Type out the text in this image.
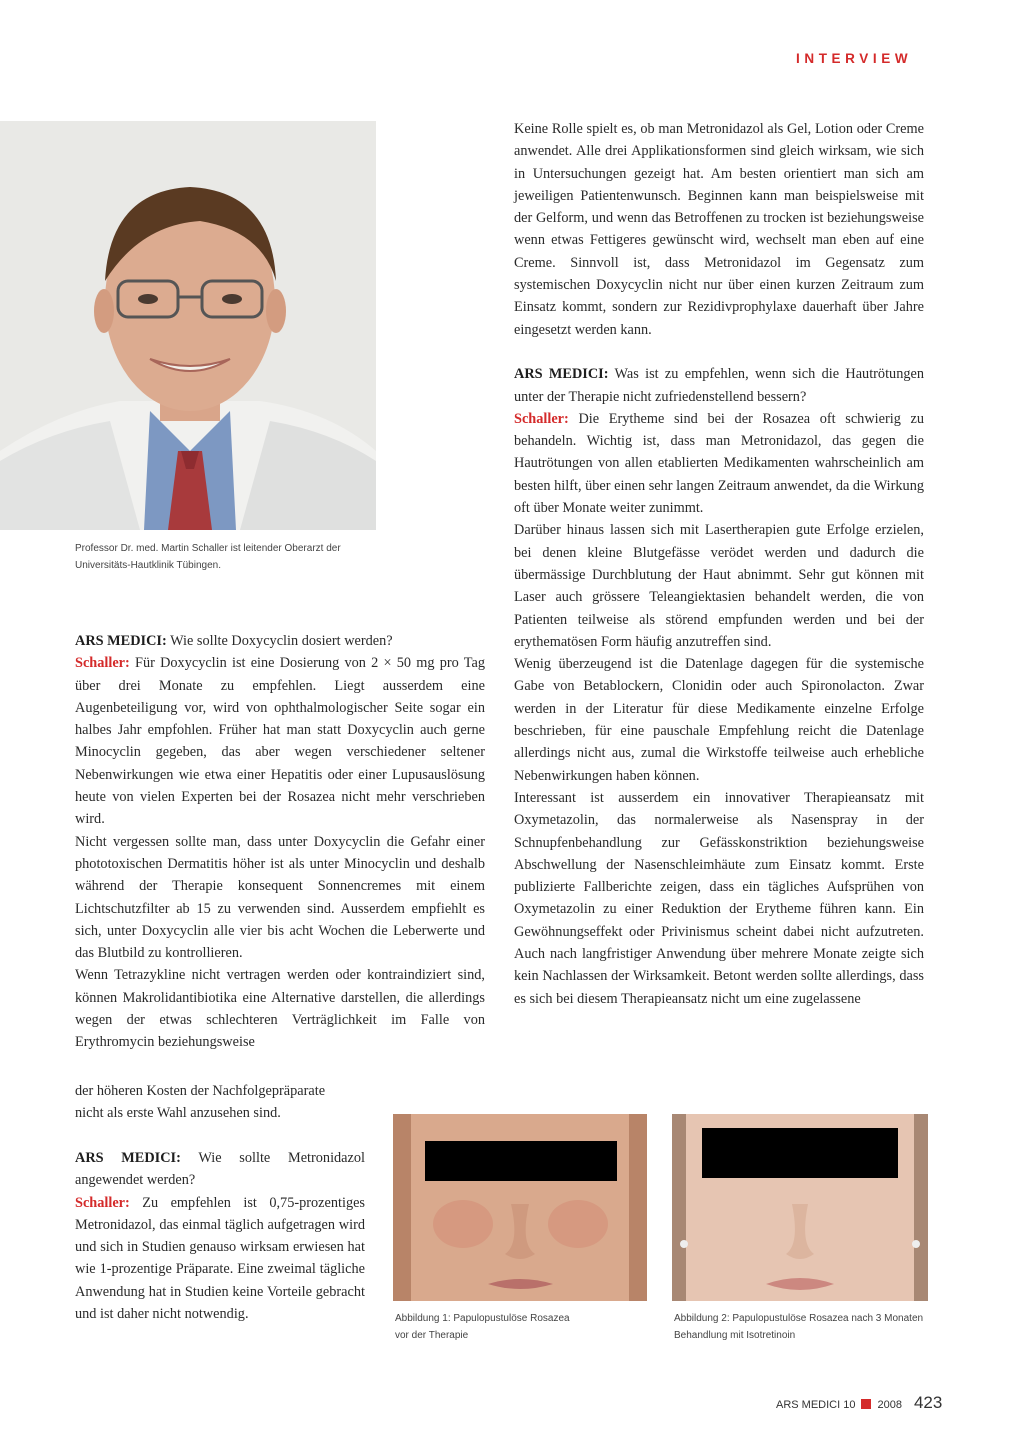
INTERVIEW
Professor Dr. med. Martin Schaller ist leitender Oberarzt der
Universitäts-Hautklinik Tübingen.

ARS MEDICI: Wie sollte Doxycyclin dosiert werden?

Schaller: Für Doxycyclin ist eine Dosierung von 2 × 50 mg pro Tag über drei Monate zu empfehlen. Liegt ausserdem eine Augenbeteiligung vor, wird von ophthalmologischer Seite sogar ein halbes Jahr empfohlen. Früher hat man statt Doxycyclin auch gerne Minocyclin gegeben, das aber wegen verschiedener seltener Nebenwirkungen wie etwa einer Hepatitis oder einer Lupusauslösung heute von vielen Experten bei der Rosazea nicht mehr verschrieben wird.

Nicht vergessen sollte man, dass unter Doxycyclin die Gefahr einer phototoxischen Dermatitis höher ist als unter Minocyclin und deshalb während der Therapie konsequent Sonnencremes mit einem Lichtschutzfilter ab 15 zu verwenden sind. Ausserdem empfiehlt es sich, unter Doxycyclin alle vier bis acht Wochen die Leberwerte und das Blutbild zu kontrollieren.

Wenn Tetrazykline nicht vertragen werden oder kontraindiziert sind, können Makrolidantibiotika eine Alternative darstellen, die allerdings wegen der etwas schlechteren Verträglichkeit im Falle von Erythromycin beziehungsweise

der höheren Kosten der Nachfolgepräparate

nicht als erste Wahl anzusehen sind.

ARS MEDICI: Wie sollte Metronidazol angewendet werden?

Schaller: Zu empfehlen ist 0,75-prozentiges Metronidazol, das einmal täglich aufgetragen wird und sich in Studien genauso wirksam erwiesen hat wie 1-prozentige Präparate. Eine zweimal tägliche Anwendung hat in Studien keine Vorteile gebracht und ist daher nicht notwendig.

Keine Rolle spielt es, ob man Metronidazol als Gel, Lotion oder Creme anwendet. Alle drei Applikationsformen sind gleich wirksam, wie sich in Untersuchungen gezeigt hat. Am besten orientiert man sich am jeweiligen Patientenwunsch. Beginnen kann man beispielsweise mit der Gelform, und wenn das Betroffenen zu trocken ist beziehungsweise wenn etwas Fettigeres gewünscht wird, wechselt man eben auf eine Creme. Sinnvoll ist, dass Metronidazol im Gegensatz zum systemischen Doxycyclin nicht nur über einen kurzen Zeitraum zum Einsatz kommt, sondern zur Rezidivprophylaxe dauerhaft über Jahre eingesetzt werden kann.

ARS MEDICI: Was ist zu empfehlen, wenn sich die Hautrötungen unter der Therapie nicht zufriedenstellend bessern?

Schaller: Die Erytheme sind bei der Rosazea oft schwierig zu behandeln. Wichtig ist, dass man Metronidazol, das gegen die Hautrötungen von allen etablierten Medikamenten wahrscheinlich am besten hilft, über einen sehr langen Zeitraum anwendet, da die Wirkung oft über Monate weiter zunimmt.

Darüber hinaus lassen sich mit Lasertherapien gute Erfolge erzielen, bei denen kleine Blutgefässe verödet werden und dadurch die übermässige Durchblutung der Haut abnimmt. Sehr gut können mit Laser auch grössere Teleangiektasien behandelt werden, die von Patienten teilweise als störend empfunden werden und bei der erythematösen Form häufig anzutreffen sind.

Wenig überzeugend ist die Datenlage dagegen für die systemische Gabe von Betablockern, Clonidin oder auch Spironolacton. Zwar werden in der Literatur für diese Medikamente einzelne Erfolge beschrieben, für eine pauschale Empfehlung reicht die Datenlage allerdings nicht aus, zumal die Wirkstoffe teilweise auch erhebliche Nebenwirkungen haben können.

Interessant ist ausserdem ein innovativer Therapieansatz mit Oxymetazolin, das normalerweise als Nasenspray in der Schnupfenbehandlung zur Gefässkonstriktion beziehungsweise Abschwellung der Nasenschleimhäute zum Einsatz kommt. Erste publizierte Fallberichte zeigen, dass ein tägliches Aufsprühen von Oxymetazolin zu einer Reduktion der Erytheme führen kann. Ein Gewöhnungseffekt oder Privinismus scheint dabei nicht aufzutreten. Auch nach langfristiger Anwendung über mehrere Monate zeigte sich kein Nachlassen der Wirksamkeit. Betont werden sollte allerdings, dass es sich bei diesem Therapieansatz nicht um eine zugelassene

Abbildung 1: Papulopustulöse Rosazea
vor der Therapie
Abbildung 2: Papulopustulöse Rosazea nach 3 Monaten
Behandlung mit Isotretinoin
ARS MEDICI 10 2008 423
